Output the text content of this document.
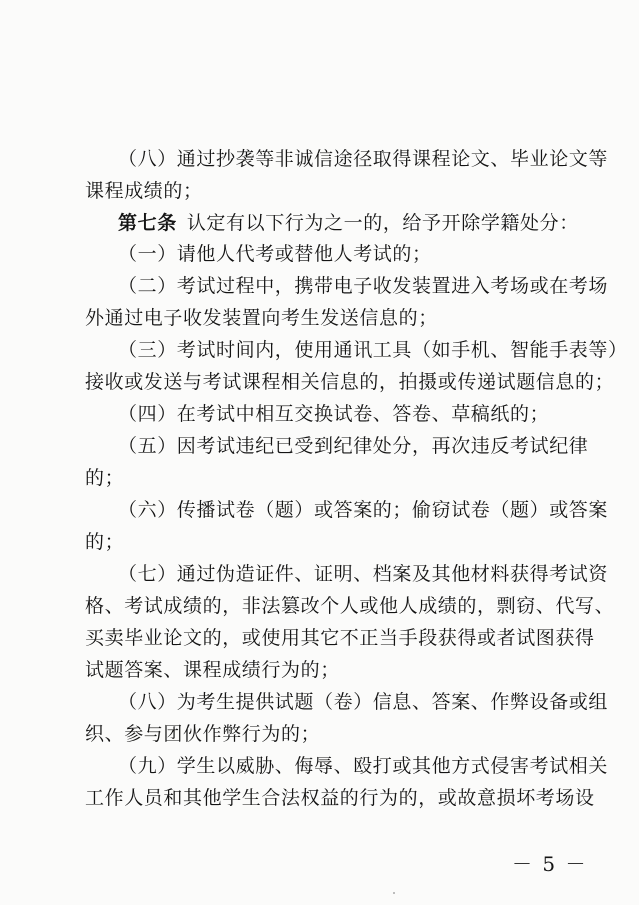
（八）通过抄袭等非诚信途径取得课程论文、毕业论文等
课程成绩的；
第七条 认定有以下行为之一的，给予开除学籍处分：
（一）请他人代考或替他人考试的；
（二）考试过程中，携带电子收发装置进入考场或在考场
外通过电子收发装置向考生发送信息的；
（三）考试时间内，使用通讯工具（如手机、智能手表等）
接收或发送与考试课程相关信息的，拍摄或传递试题信息的；
（四）在考试中相互交换试卷、答卷、草稿纸的；
（五）因考试违纪已受到纪律处分，再次违反考试纪律
的；
（六）传播试卷（题）或答案的；偷窃试卷（题）或答案
的；
（七）通过伪造证件、证明、档案及其他材料获得考试资
格、考试成绩的，非法篡改个人或他人成绩的，剽窃、代写、
买卖毕业论文的，或使用其它不正当手段获得或者试图获得
试题答案、课程成绩行为的；
（八）为考生提供试题（卷）信息、答案、作弊设备或组
织、参与团伙作弊行为的；
（九）学生以威胁、侮辱、殴打或其他方式侵害考试相关
工作人员和其他学生合法权益的行为的，或故意损坏考场设
－ 5 －
